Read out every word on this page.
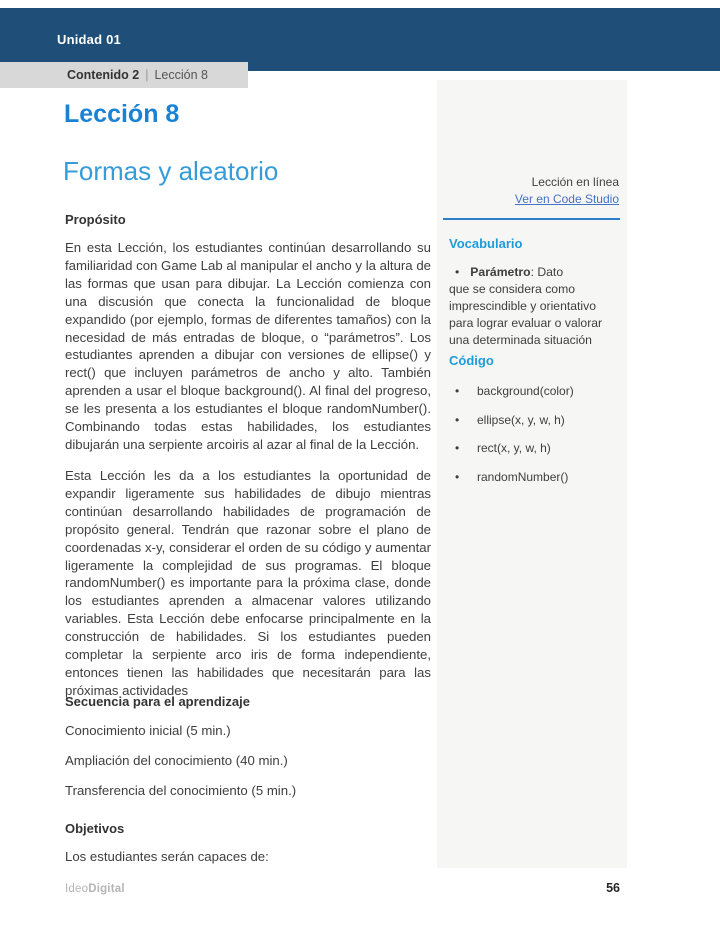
Unidad 01
Contenido 2 | Lección 8
Lección 8
Formas y aleatorio
Propósito

En esta Lección, los estudiantes continúan desarrollando su familiaridad con Game Lab al manipular el ancho y la altura de las formas que usan para dibujar. La Lección comienza con una discusión que conecta la funcionalidad de bloque expandido (por ejemplo, formas de diferentes tamaños) con la necesidad de más entradas de bloque, o “parámetros”. Los estudiantes aprenden a dibujar con versiones de ellipse() y rect() que incluyen parámetros de ancho y alto. También aprenden a usar el bloque background(). Al final del progreso, se les presenta a los estudiantes el bloque randomNumber(). Combinando todas estas habilidades, los estudiantes dibujarán una serpiente arcoiris al azar al final de la Lección.

Esta Lección les da a los estudiantes la oportunidad de expandir ligeramente sus habilidades de dibujo mientras continúan desarrollando habilidades de programación de propósito general. Tendrán que razonar sobre el plano de coordenadas x-y, considerar el orden de su código y aumentar ligeramente la complejidad de sus programas. El bloque randomNumber() es importante para la próxima clase, donde los estudiantes aprenden a almacenar valores utilizando variables. Esta Lección debe enfocarse principalmente en la construcción de habilidades. Si los estudiantes pueden completar la serpiente arco iris de forma independiente, entonces tienen las habilidades que necesitarán para las próximas actividades

Secuencia para el aprendizaje
Conocimiento inicial (5 min.)
Ampliación del conocimiento (40 min.)
Transferencia del conocimiento (5 min.)
Objetivos

Los estudiantes serán capaces de:

Lección en línea
Ver en Code Studio
Vocabulario
• Parámetro: Dato
que se considera como imprescindible y orientativo para lograr evaluar o valorar una determinada situación
Código
•	background(color)
•	ellipse(x, y, w, h)
•	rect(x, y, w, h)
•	randomNumber()
IdeoDigital	56
